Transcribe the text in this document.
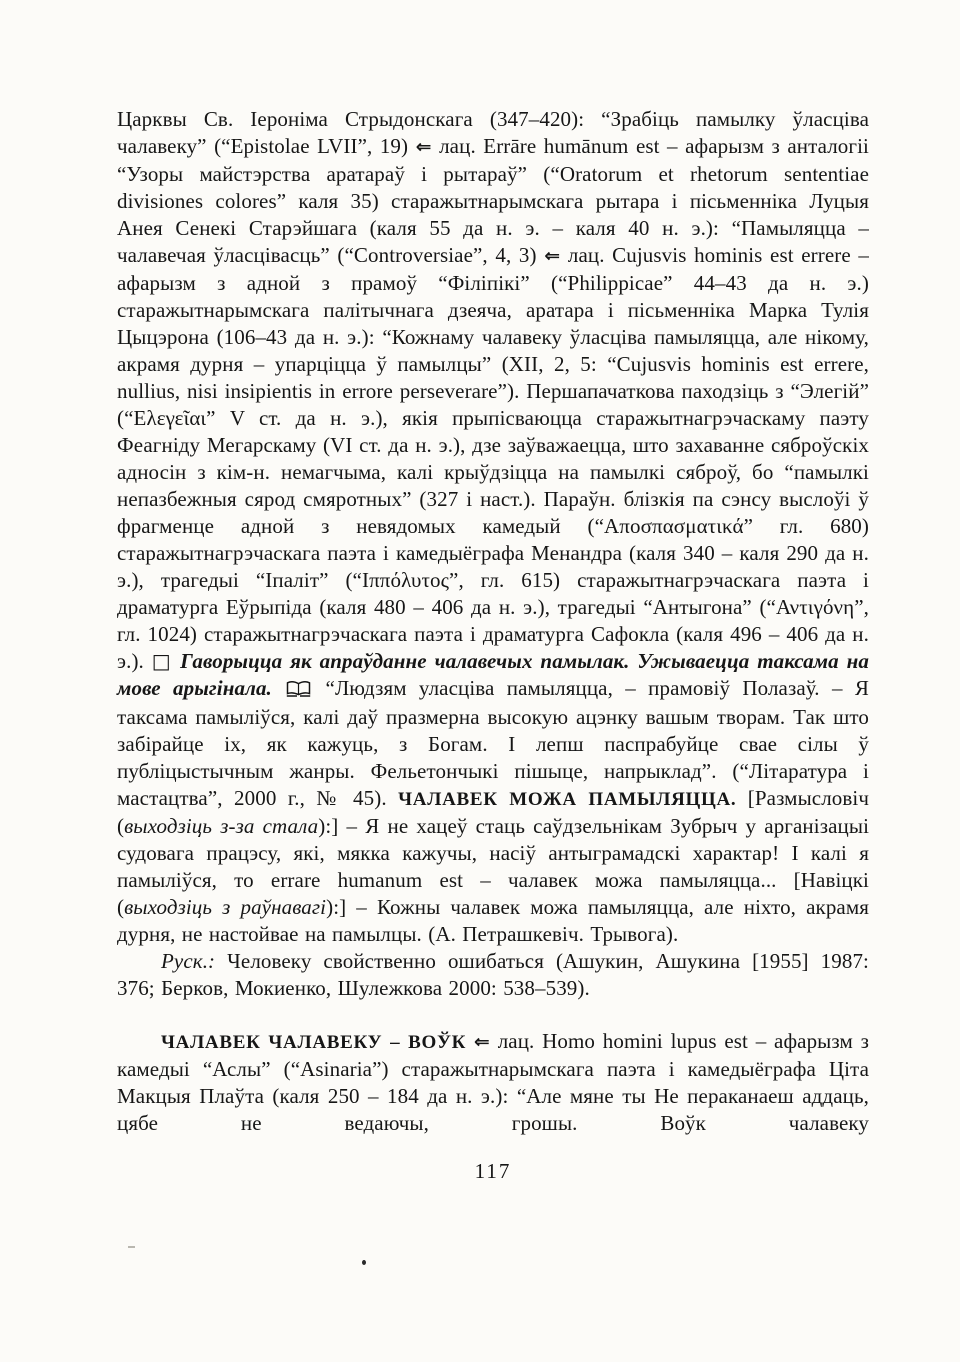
Царквы Св. Іероніма Стрыдонскага (347–420): “Зрабіць памылку ўласціва чалавеку” (“Epistolae LVII”, 19) ⇐ лац. Errāre humānum est – афарызм з анталогіі “Узоры майстэрства аратараў і рытараў” (“Oratorum et rhetorum sententiae divisiones colores” каля 35) старажытнарымскага рытара і пісьменніка Луцыя Анея Сенекі Старэйшага (каля 55 да н. э. – каля 40 н. э.): “Памыляцца – чалавечая ўласцівасць” (“Controversiae”, 4, 3) ⇐ лац. Cujusvis hominis est errere – афарызм з адной з прамоў “Філіпікі” (“Philippicae” 44–43 да н. э.) старажытнарымскага палітычнага дзеяча, аратара і пісьменніка Марка Тулія Цыцэрона (106–43 да н. э.): “Кожнаму чалавеку ўласціва памыляцца, але нікому, акрамя дурня – упарціцца ў памылцы” (XII, 2, 5: “Cujusvis hominis est errere, nullius, nisi insipientis in errore perseverare”). Першапачаткова паходзіць з “Элегій” (“Ελεγεῖαι” V ст. да н. э.), якія прыпісваюцца старажытнагрэчаскаму паэту Феагніду Мегарскаму (VI ст. да н. э.), дзе заўважаецца, што захаванне сяброўскіх адносін з кім-н. немагчыма, калі крыўдзіцца на памылкі сяброў, бо “памылкі непазбежныя сярод смяротных” (327 і наст.). Параўн. блізкія па сэнсу выслоўі ў фрагменце адной з невядомых камедый (“Αποσπασματικά” гл. 680) старажытнагрэчаскага паэта і камедыёграфа Менандра (каля 340 – каля 290 да н. э.), трагедыі “Іпаліт” (“Ιππόλυτος”, гл. 615) старажытнагрэчаскага паэта і драматурга Еўрыпіда (каля 480 – 406 да н. э.), трагедыі “Антыгона” (“Αντιγόνη”, гл. 1024) старажытнагрэчаскага паэта і драматурга Сафокла (каля 496 – 406 да н. э.). □ Гаворыцца як апраўданне чалавечых памылак. Ужываецца таксама на мове арыгінала.  “Людзям уласціва памыляцца, – прамовіў Полазаў. – Я таксама памыліўся, калі даў празмерна высокую ацэнку вашым творам. Так што забірайце іх, як кажуць, з Богам. І лепш паспрабуйце свае сілы ў публіцыстычным жанры. Фельетончыкі пішыце, напрыклад”. (“Літаратура і мастацтва”, 2000 г., № 45). ЧАЛАВЕК МОЖА ПАМЫЛЯЦЦА. [Размысловіч (выходзіць з-за стала):] – Я не хацеў стаць саўдзельнікам Зубрыч у арганізацыі судовага працэсу, які, мякка кажучы, насіў антыграмадскі характар! І калі я памыліўся, то errare humanum est – чалавек можа памыляцца... [Навіцкі (выходзіць з раўнавагі):] – Кожны чалавек можа памыляцца, але ніхто, акрамя дурня, не настойвае на памылцы. (А. Петрашкевіч. Трывога).

Руск.: Человеку свойственно ошибаться (Ашукин, Ашукина [1955] 1987: 376; Берков, Мокиенко, Шулежкова 2000: 538–539).

ЧАЛАВЕК ЧАЛАВЕКУ – ВОЎК ⇐ лац. Homo homini lupus est – афарызм з камедыі “Аслы” (“Asinaria”) старажытнарымскага паэта і камедыёграфа Ціта Макцыя Плаўта (каля 250 – 184 да н. э.): “Але мяне ты Не пераканаеш аддаць, цябе не ведаючы, грошы. Воўк чалавеку

117
